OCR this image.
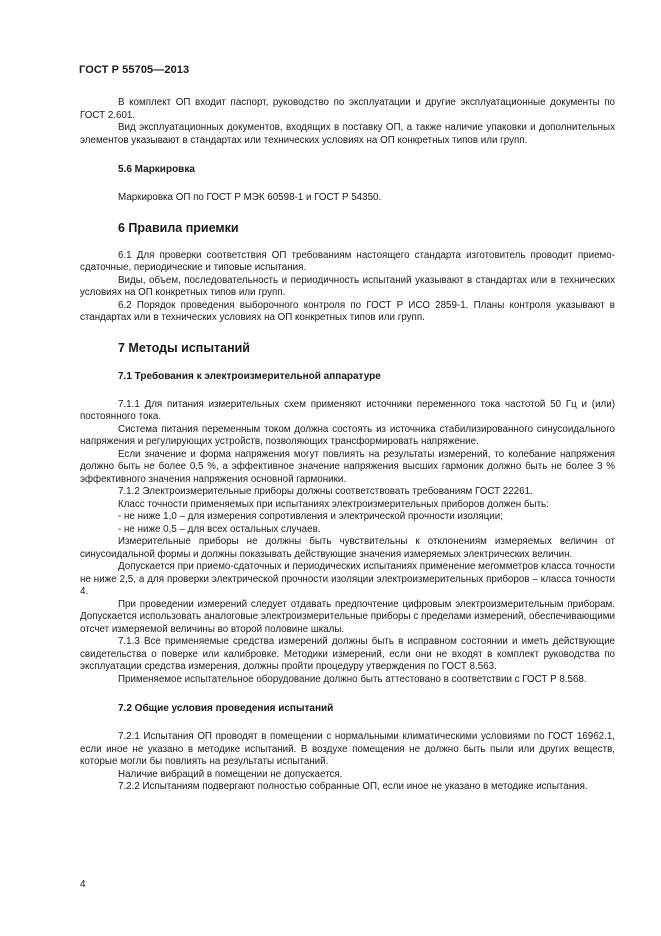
ГОСТ Р 55705—2013

В комплект ОП входит паспорт, руководство по эксплуатации и другие эксплуатационные документы по ГОСТ 2.601.

Вид эксплуатационных документов, входящих в поставку ОП, а также наличие упаковки и дополнительных элементов указывают в стандартах или технических условиях на ОП конкретных типов или групп.

5.6 Маркировка

Маркировка ОП по ГОСТ Р МЭК 60598-1 и ГОСТ Р 54350.

6 Правила приемки

6.1 Для проверки соответствия ОП требованиям настоящего стандарта изготовитель проводит приемо-сдаточные, периодические и типовые испытания.

Виды, объем, последовательность и периодичность испытаний указывают в стандартах или в технических условиях на ОП конкретных типов или групп.

6.2 Порядок проведения выборочного контроля по ГОСТ Р ИСО 2859-1. Планы контроля указывают в стандартах или в технических условиях на ОП конкретных типов или групп.

7 Методы испытаний
7.1 Требования к электроизмерительной аппаратуре

7.1.1 Для питания измерительных схем применяют источники переменного тока частотой 50 Гц и (или) постоянного тока.

Система питания переменным током должна состоять из источника стабилизированного синусоидального напряжения и регулирующих устройств, позволяющих трансформировать напряжение.

Если значение и форма напряжения могут повлиять на результаты измерений, то колебание напряжения должно быть не более 0,5 %, а эффективное значение напряжения высших гармоник должно быть не более 3 % эффективного значения напряжения основной гармоники.

7.1.2 Электроизмерительные приборы должны соответствовать требованиям ГОСТ 22261.

Класс точности применяемых при испытаниях электроизмерительных приборов должен быть:

- не ниже 1,0 – для измерения сопротивления и электрической прочности изоляции;

- не ниже 0,5 – для всех остальных случаев.

Измерительные приборы не должны быть чувствительны к отклонениям измеряемых величин от синусоидальной формы и должны показывать действующие значения измеряемых электрических величин.

Допускается при приемо-сдаточных и периодических испытаниях применение мегомметров класса точности не ниже 2,5, а для проверки электрической прочности изоляции электроизмерительных приборов – класса точности 4.

При проведении измерений следует отдавать предпочтение цифровым электроизмерительным приборам. Допускается использовать аналоговые электроизмерительные приборы с пределами измерений, обеспечивающими отсчет измеряемой величины во второй половине шкалы.

7.1.3 Все применяемые средства измерений должны быть в исправном состоянии и иметь действующие свидетельства о поверке или калибровке. Методики измерений, если они не входят в комплект руководства по эксплуатации средства измерения, должны пройти процедуру утверждения по ГОСТ 8.563.

Применяемое испытательное оборудование должно быть аттестовано в соответствии с ГОСТ Р 8.568.

7.2 Общие условия проведения испытаний

7.2.1 Испытания ОП проводят в помещении с нормальными климатическими условиями по ГОСТ 16962.1, если иное не указано в методике испытаний. В воздухе помещения не должно быть пыли или других веществ, которые могли бы повлиять на результаты испытаний.

Наличие вибраций в помещении не допускается.

7.2.2 Испытаниям подвергают полностью собранные ОП, если иное не указано в методике испытания.

4
